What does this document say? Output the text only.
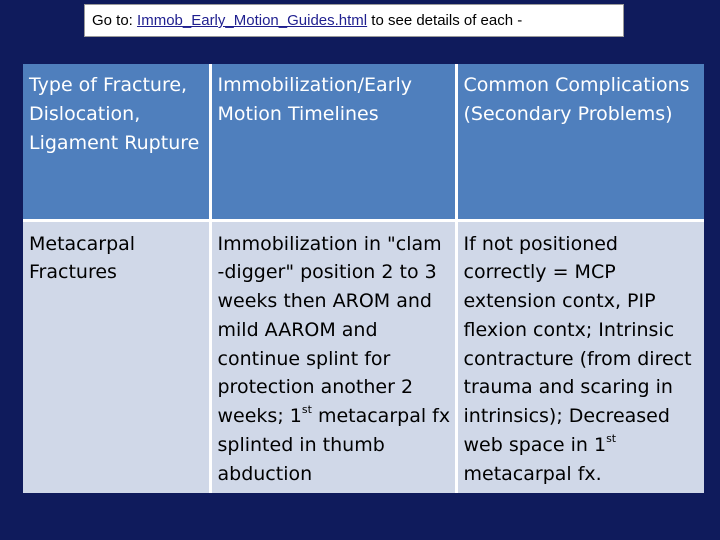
Go to: Immob_Early_Motion_Guides.html to see details of each -
Type of Fracture, Dislocation, Ligament Rupture	Immobilization/Early Motion Timelines	Common Complications (Secondary Problems)
Metacarpal Fractures	Immobilization in "clam -digger" position 2 to 3 weeks then AROM and mild AAROM and continue splint for protection another 2 weeks; 1st metacarpal fx splinted in thumb abduction	If not positioned correctly = MCP extension contx, PIP flexion contx; Intrinsic contracture (from direct trauma and scaring in intrinsics); Decreased web space in 1st metacarpal fx.
